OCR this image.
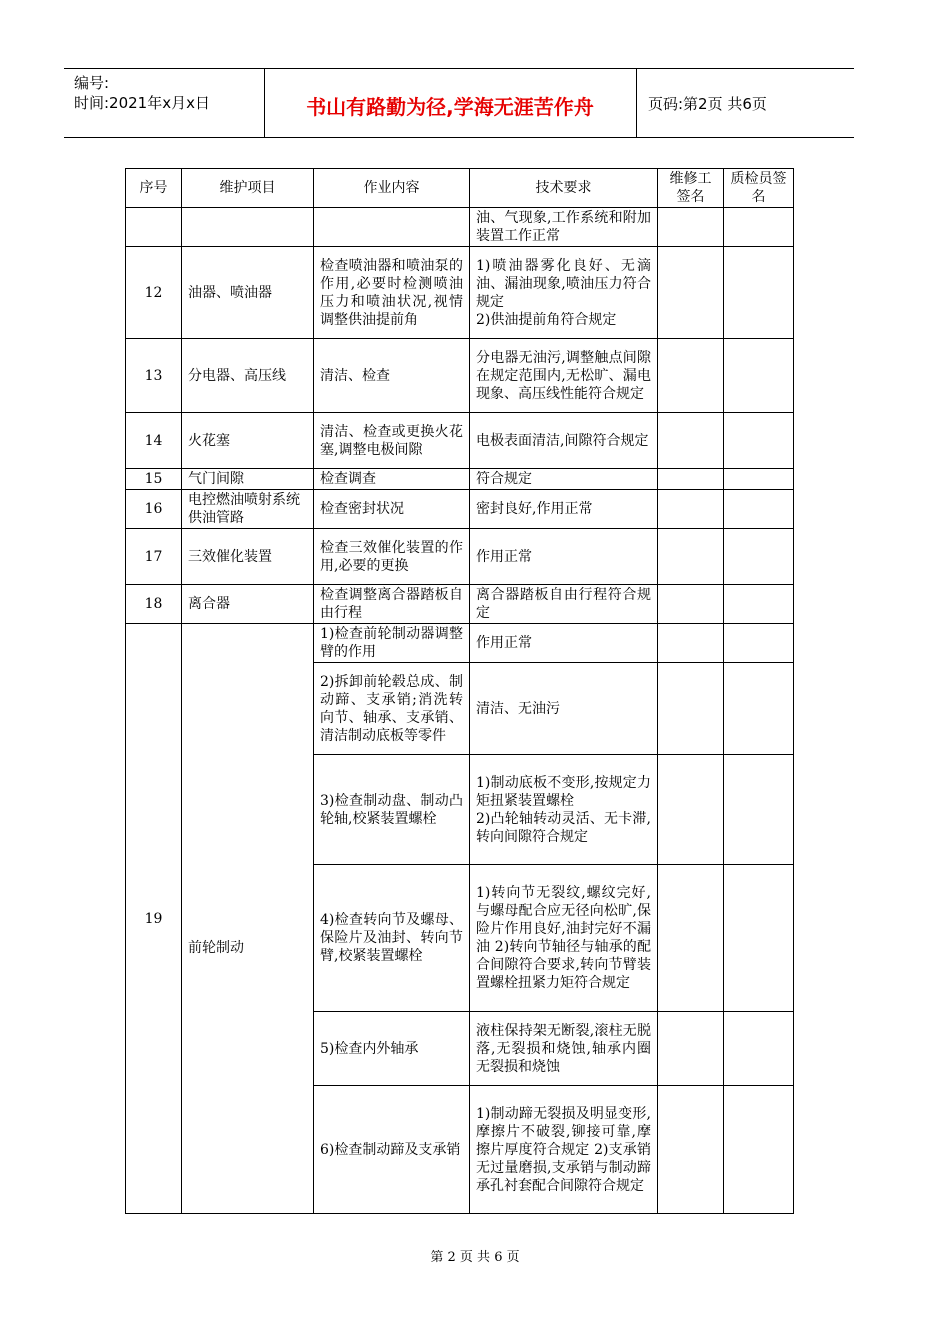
编号:
时间:2021年x月x日	书山有路勤为径,学海无涯苦作舟	页码:第2页 共6页
序号	维护项目	作业内容	技术要求	维修工签名	质检员签名
			油、气现象,工作系统和附加装置工作正常		
12	油器、喷油器	检查喷油器和喷油泵的作用,必要时检测喷油压力和喷油状况,视情调整供油提前角	1)喷油器雾化良好、无滴油、漏油现象,喷油压力符合规定
2)供油提前角符合规定		

13	分电器、高压线	清洁、检查	分电器无油污,调整触点间隙在规定范围内,无松旷、漏电现象、高压线性能符合规定		
14	火花塞	清洁、检查或更换火花塞,调整电极间隙	电极表面清洁,间隙符合规定		
15	气门间隙	检查调查	符合规定		
16	电控燃油喷射系统供油管路	检查密封状况	密封良好,作用正常		
17	三效催化装置	检查三效催化装置的作用,必要的更换	作用正常		
18	离合器	检查调整离合器踏板自由行程	离合器踏板自由行程符合规定		
19	前轮制动	1)检查前轮制动器调整臂的作用	作用正常		
		2)拆卸前轮毂总成、制动蹄、支承销;消洗转向节、轴承、支承销、清洁制动底板等零件	清洁、无油污		
		3)检查制动盘、制动凸轮轴,校紧装置螺栓	1)制动底板不变形,按规定力矩扭紧装置螺栓
2)凸轮轴转动灵活、无卡滞,转向间隙符合规定		

		4)检查转向节及螺母、保险片及油封、转向节臂,校紧装置螺栓	1)转向节无裂纹,螺纹完好,与螺母配合应无径向松旷,保险片作用良好,油封完好不漏油 2)转向节轴径与轴承的配合间隙符合要求,转向节臂装置螺栓扭紧力矩符合规定		
		5)检查内外轴承	液柱保持架无断裂,滚柱无脱落,无裂损和烧蚀,轴承内圈无裂损和烧蚀		
		6)检查制动蹄及支承销	1)制动蹄无裂损及明显变形,摩擦片不破裂,铆接可靠,摩擦片厚度符合规定 2)支承销无过量磨损,支承销与制动蹄承孔衬套配合间隙符合规定		
第 2 页 共 6 页
